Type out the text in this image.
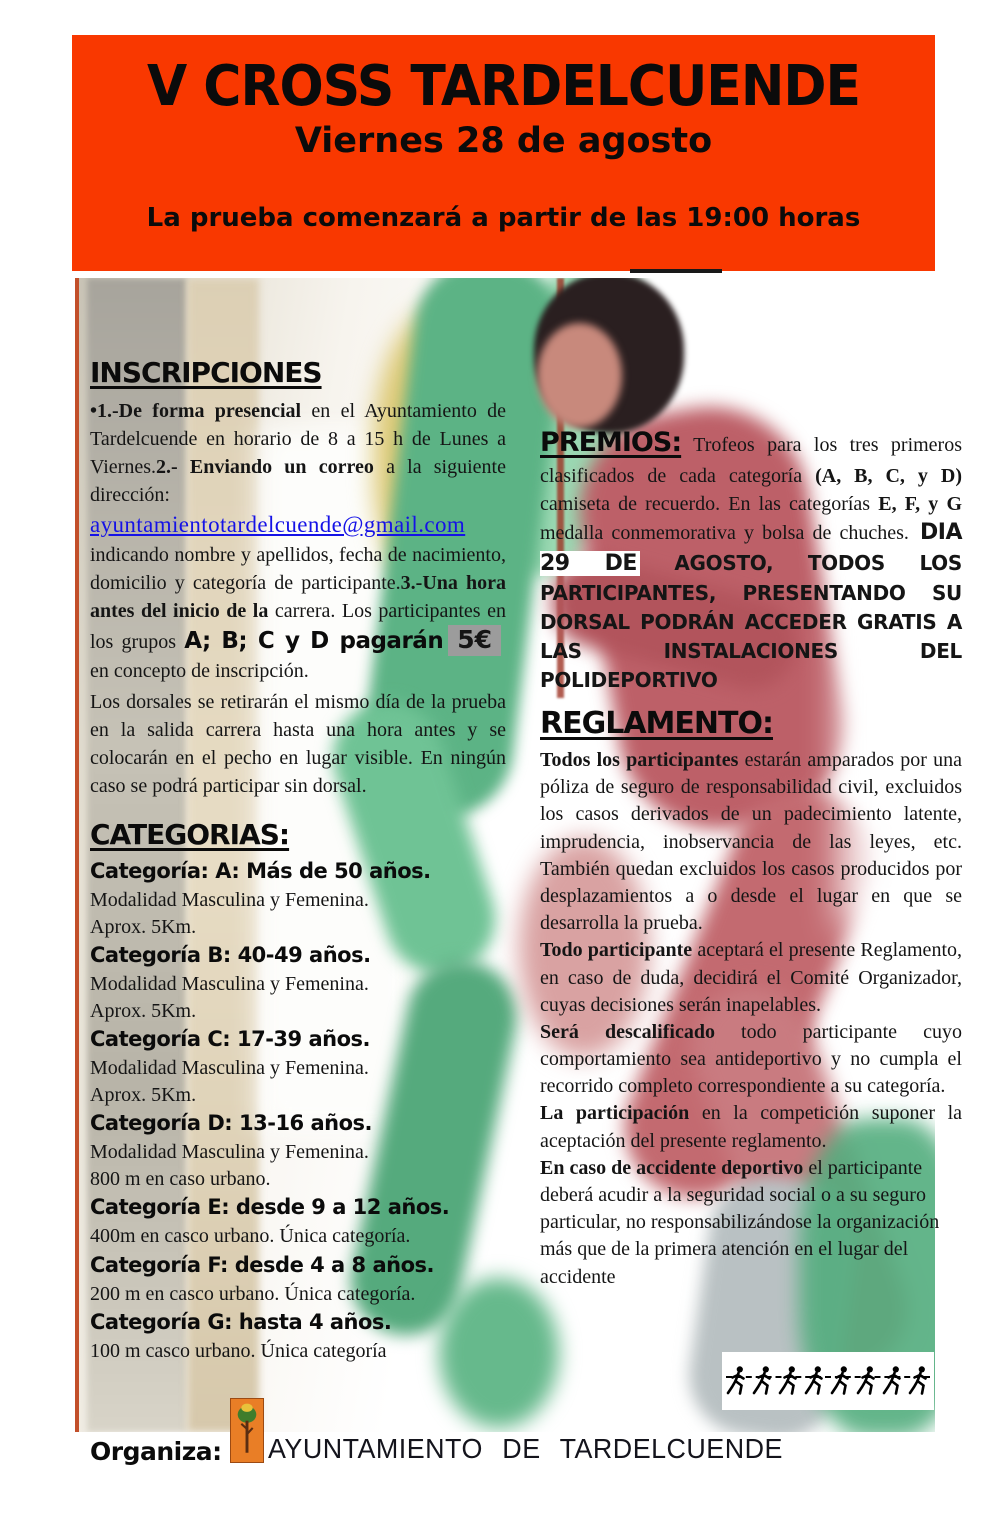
V CROSS TARDELCUENDE
Viernes 28 de agosto
La prueba comenzará a partir de las 19:00 horas
INSCRIPCIONES
•1.-De forma presencial en el Ayuntamiento de Tardelcuende en horario de 8 a 15 h de Lunes a Viernes.2.- Enviando un correo a la siguiente dirección:
ayuntamientotardelcuende@gmail.com
indicando nombre y apellidos, fecha de nacimiento, domicilio y categoría de participante.3.-Una hora antes del inicio de la carrera. Los participantes en los grupos A; B; C y D pagarán 5€ en concepto de inscripción.
Los dorsales se retirarán el mismo día de la prueba en la salida carrera hasta una hora antes y se colocarán en el pecho en lugar visible. En ningún caso se podrá participar sin dorsal.
CATEGORIAS:
Categoría: A: Más de 50 años.
Modalidad Masculina y Femenina.
Aprox. 5Km.
Categoría B: 40-49 años.
Modalidad Masculina y Femenina.
Aprox. 5Km.
Categoría C: 17-39 años.
Modalidad Masculina y Femenina.
Aprox. 5Km.
Categoría D: 13-16 años.
Modalidad Masculina y Femenina.
800 m en caso urbano.
Categoría E: desde 9 a 12 años.
400m en casco urbano. Única categoría.
Categoría F: desde 4 a 8 años.
200 m en casco urbano. Única categoría.
Categoría G: hasta 4 años.
100 m casco urbano. Única categoría
PREMIOS: Trofeos para los tres primeros clasificados de cada categoría (A, B, C, y D) camiseta de recuerdo. En las categorías E, F, y G medalla conmemorativa y bolsa de chuches. DIA 29 DE AGOSTO, TODOS LOS PARTICIPANTES, PRESENTANDO SU DORSAL PODRÁN ACCEDER GRATIS A LAS INSTALACIONES DEL POLIDEPORTIVO
REGLAMENTO:
Todos los participantes estarán amparados por una póliza de seguro de responsabilidad civil, excluidos los casos derivados de un padecimiento latente, imprudencia, inobservancia de las leyes, etc. También quedan excluidos los casos producidos por desplazamientos a o desde el lugar en que se desarrolla la prueba.
Todo participante aceptará el presente Reglamento, en caso de duda, decidirá el Comité Organizador, cuyas decisiones serán inapelables.
Será descalificado todo participante cuyo comportamiento sea antideportivo y no cumpla el recorrido completo correspondiente a su categoría.
La participación en la competición suponer la aceptación del presente reglamento.
En caso de accidente deportivo el participante deberá acudir a la seguridad social o a su seguro particular, no responsabilizándose la organización más que de la primera atención en el lugar del accidente
Organiza: AYUNTAMIENTO DE TARDELCUENDE
